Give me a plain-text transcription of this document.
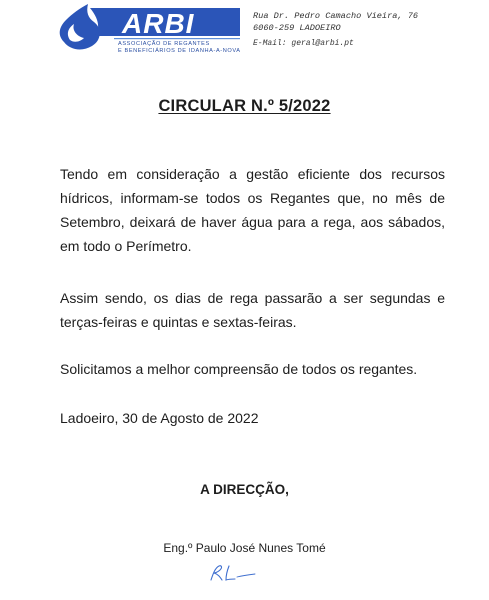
ARBI
ASSOCIAÇÃO DE REGANTES
E BENEFICIÁRIOS DE IDANHA-A-NOVA
Rua Dr. Pedro Camacho Vieira, 76
6060-259 LADOEIRO
E-Mail: geral@arbi.pt
CIRCULAR N.º 5/2022
Tendo em consideração a gestão eficiente dos recursos hídricos, informam-se todos os Regantes que, no mês de Setembro, deixará de haver água para a rega, aos sábados, em todo o Perímetro.
Assim sendo, os dias de rega passarão a ser segundas e terças-feiras e quintas e sextas-feiras.
Solicitamos a melhor compreensão de todos os regantes.
Ladoeiro, 30 de Agosto de 2022
A DIRECÇÃO,
Eng.º Paulo José Nunes Tomé
